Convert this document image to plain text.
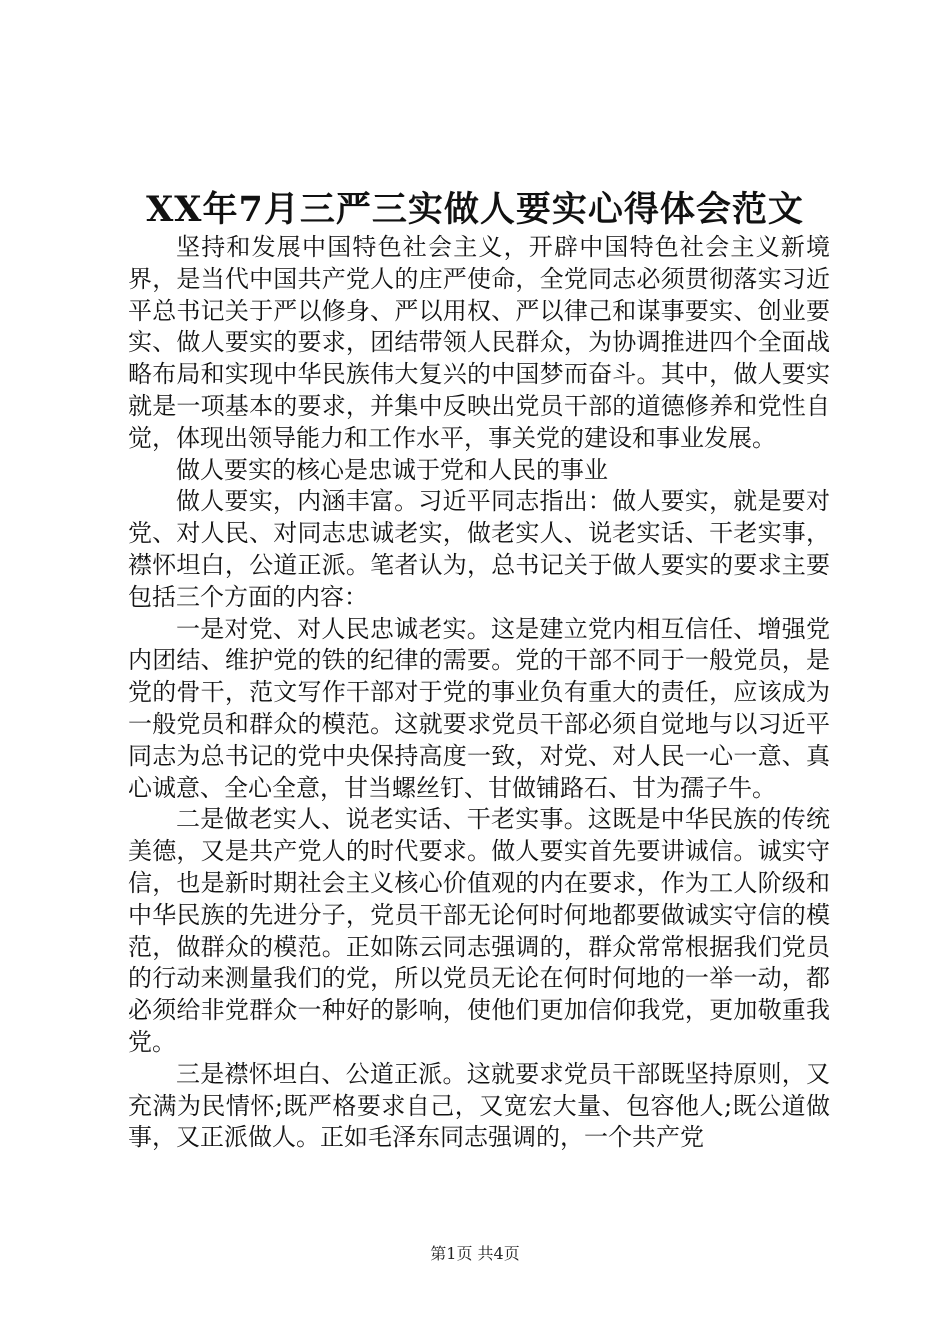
XX年7月三严三实做人要实心得体会范文

坚持和发展中国特色社会主义，开辟中国特色社会主义新境界，是当代中国共产党人的庄严使命，全党同志必须贯彻落实习近平总书记关于严以修身、严以用权、严以律己和谋事要实、创业要实、做人要实的要求，团结带领人民群众，为协调推进四个全面战略布局和实现中华民族伟大复兴的中国梦而奋斗。其中，做人要实就是一项基本的要求，并集中反映出党员干部的道德修养和党性自觉，体现出领导能力和工作水平，事关党的建设和事业发展。

做人要实的核心是忠诚于党和人民的事业

做人要实，内涵丰富。习近平同志指出：做人要实，就是要对党、对人民、对同志忠诚老实，做老实人、说老实话、干老实事，襟怀坦白，公道正派。笔者认为，总书记关于做人要实的要求主要包括三个方面的内容：

一是对党、对人民忠诚老实。这是建立党内相互信任、增强党内团结、维护党的铁的纪律的需要。党的干部不同于一般党员，是党的骨干，范文写作干部对于党的事业负有重大的责任，应该成为一般党员和群众的模范。这就要求党员干部必须自觉地与以习近平同志为总书记的党中央保持高度一致，对党、对人民一心一意、真心诚意、全心全意，甘当螺丝钉、甘做铺路石、甘为孺子牛。

二是做老实人、说老实话、干老实事。这既是中华民族的传统美德，又是共产党人的时代要求。做人要实首先要讲诚信。诚实守信，也是新时期社会主义核心价值观的内在要求，作为工人阶级和中华民族的先进分子，党员干部无论何时何地都要做诚实守信的模范，做群众的模范。正如陈云同志强调的，群众常常根据我们党员的行动来测量我们的党，所以党员无论在何时何地的一举一动，都必须给非党群众一种好的影响，使他们更加信仰我党，更加敬重我党。

三是襟怀坦白、公道正派。这就要求党员干部既坚持原则，又充满为民情怀;既严格要求自己，又宽宏大量、包容他人;既公道做事，又正派做人。正如毛泽东同志强调的，一个共产党

第1页 共4页
